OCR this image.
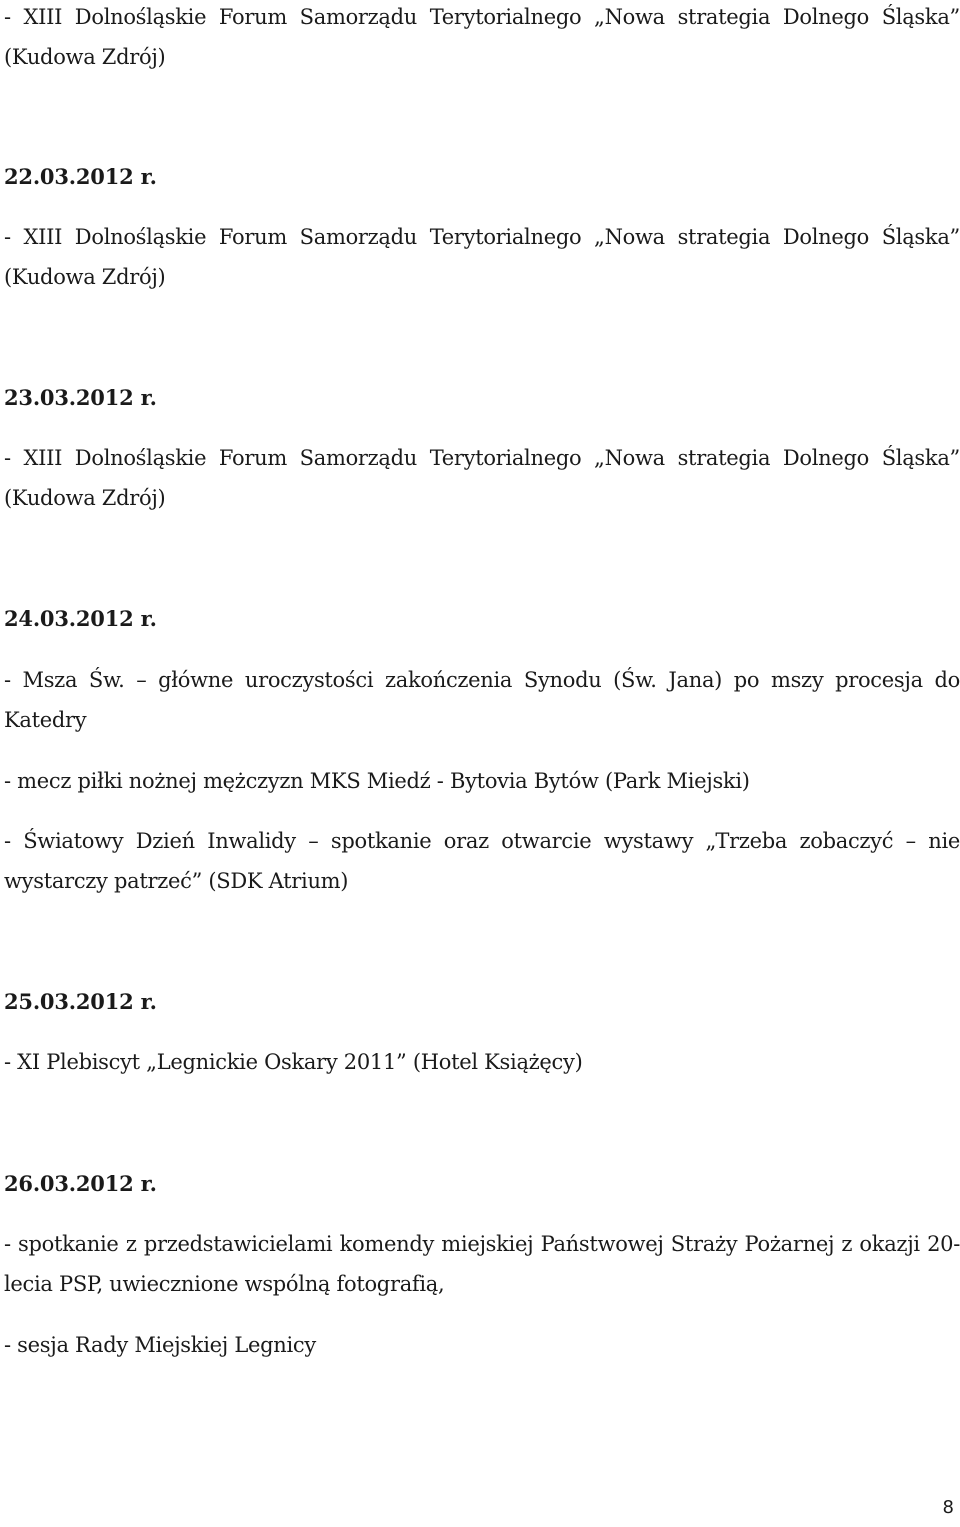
- XIII Dolnośląskie Forum Samorządu Terytorialnego „Nowa strategia Dolnego Śląska” (Kudowa Zdrój)

22.03.2012 r.

- XIII Dolnośląskie Forum Samorządu Terytorialnego „Nowa strategia Dolnego Śląska” (Kudowa Zdrój)

23.03.2012 r.

- XIII Dolnośląskie Forum Samorządu Terytorialnego „Nowa strategia Dolnego Śląska” (Kudowa Zdrój)

24.03.2012 r.

- Msza Św. – główne uroczystości zakończenia Synodu (Św. Jana) po mszy procesja do Katedry

- mecz piłki nożnej mężczyzn MKS Miedź - Bytovia Bytów (Park Miejski)

- Światowy Dzień Inwalidy – spotkanie oraz otwarcie wystawy „Trzeba zobaczyć – nie wystarczy patrzeć” (SDK Atrium)

25.03.2012 r.

- XI Plebiscyt „Legnickie Oskary 2011” (Hotel Książęcy)

26.03.2012 r.

- spotkanie z przedstawicielami komendy miejskiej Państwowej Straży Pożarnej z okazji 20-lecia PSP, uwiecznione wspólną fotografią,

- sesja Rady Miejskiej Legnicy

8
